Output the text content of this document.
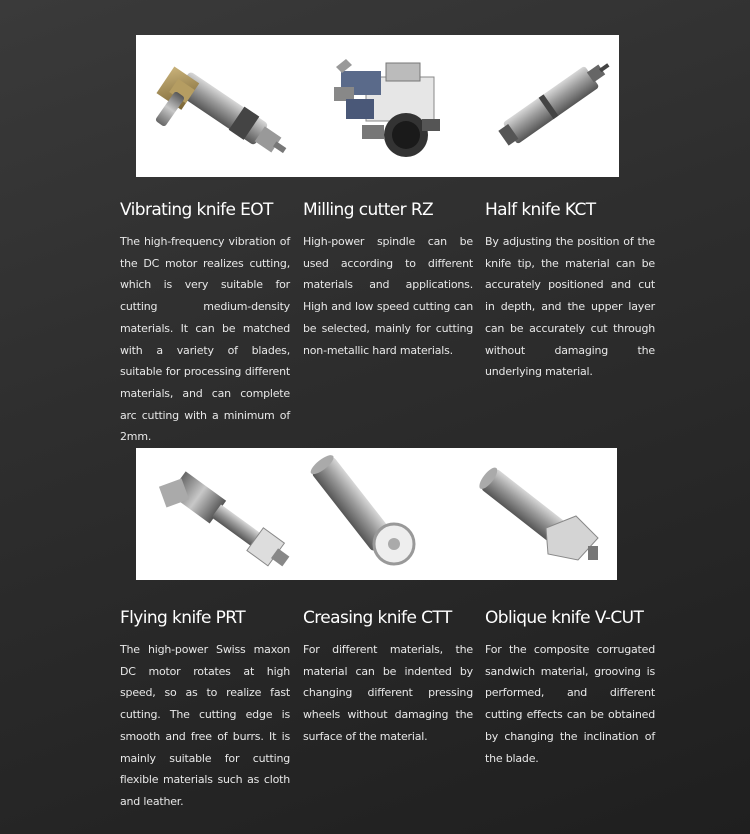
Vibrating knife EOT

The high-frequency vibration of the DC motor realizes cutting, which is very suitable for cutting medium-density materials. It can be matched with a variety of blades, suitable for processing different materials, and can complete arc cutting with a minimum of 2mm.

Milling cutter RZ

High-power spindle can be used according to different materials and applications. High and low speed cutting can be selected, mainly for cutting non-metallic hard materials.

Half knife KCT

By adjusting the position of the knife tip, the material can be accurately positioned and cut in depth, and the upper layer can be accurately cut through without damaging the underlying material.

Flying knife PRT

The high-power Swiss maxon DC motor rotates at high speed, so as to realize fast cutting. The cutting edge is smooth and free of burrs. It is mainly suitable for cutting flexible materials such as cloth and leather.

Creasing knife CTT

For different materials, the material can be indented by changing different pressing wheels without damaging the surface of the material.

Oblique knife V-CUT

For the composite corrugated sandwich material, grooving is performed, and different cutting effects can be obtained by changing the inclination of the blade.
